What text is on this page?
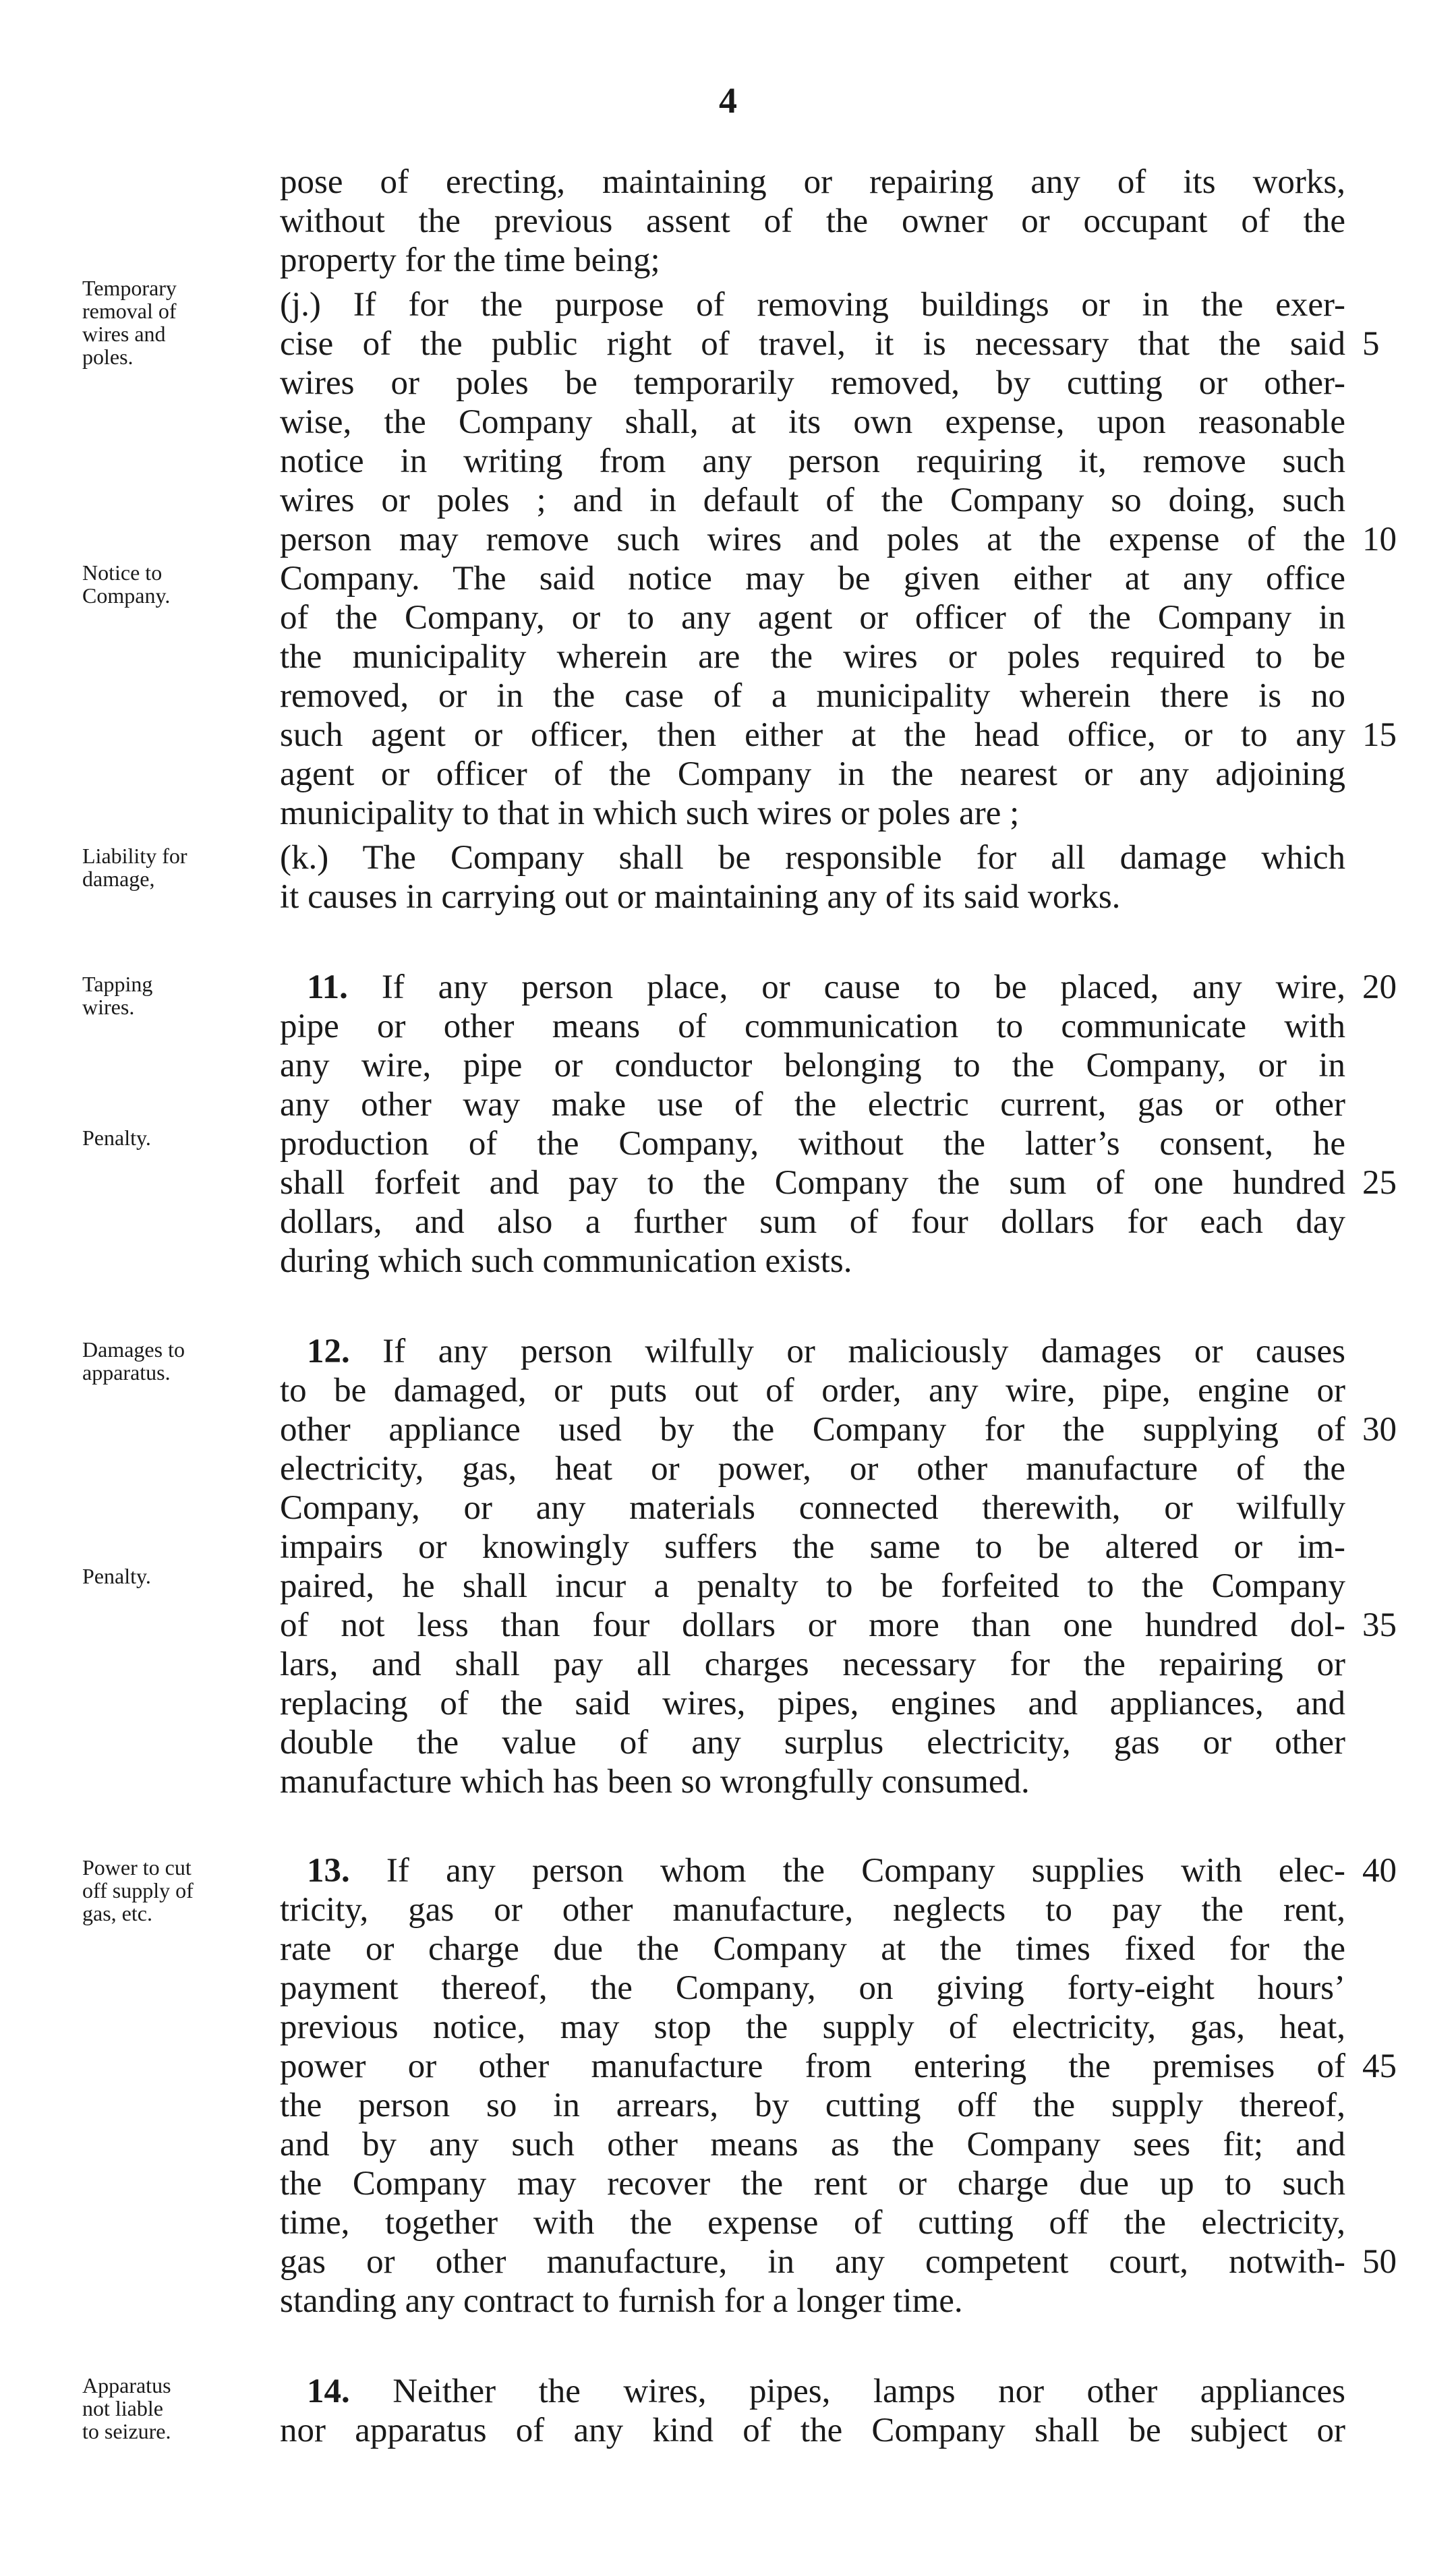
4
pose of erecting, maintaining or repairing any of its works,
without the previous assent of the owner or occupant of the
property for the time being;
(j.) If for the purpose of removing buildings or in the exer-
cise of the public right of travel, it is necessary that the said 5
wires or poles be temporarily removed, by cutting or other-
wise, the Company shall, at its own expense, upon reasonable
notice in writing from any person requiring it, remove such
wires or poles ; and in default of the Company so doing, such
person may remove such wires and poles at the expense of the 10
Company. The said notice may be given either at any office
of the Company, or to any agent or officer of the Company in
the municipality wherein are the wires or poles required to be
removed, or in the case of a municipality wherein there is no
such agent or officer, then either at the head office, or to any 15
agent or officer of the Company in the nearest or any adjoining
municipality to that in which such wires or poles are ;
(k.) The Company shall be responsible for all damage which
it causes in carrying out or maintaining any of its said works.
11. If any person place, or cause to be placed, any wire, 20
pipe or other means of communication to communicate with
any wire, pipe or conductor belonging to the Company, or in
any other way make use of the electric current, gas or other
production of the Company, without the latter’s consent, he
shall forfeit and pay to the Company the sum of one hundred 25
dollars, and also a further sum of four dollars for each day
during which such communication exists.
12. If any person wilfully or maliciously damages or causes
to be damaged, or puts out of order, any wire, pipe, engine or
other appliance used by the Company for the supplying of 30
electricity, gas, heat or power, or other manufacture of the
Company, or any materials connected therewith, or wilfully
impairs or knowingly suffers the same to be altered or im-
paired, he shall incur a penalty to be forfeited to the Company
of not less than four dollars or more than one hundred dol- 35
lars, and shall pay all charges necessary for the repairing or
replacing of the said wires, pipes, engines and appliances, and
double the value of any surplus electricity, gas or other
manufacture which has been so wrongfully consumed.
13. If any person whom the Company supplies with elec- 40
tricity, gas or other manufacture, neglects to pay the rent,
rate or charge due the Company at the times fixed for the
payment thereof, the Company, on giving forty-eight hours’
previous notice, may stop the supply of electricity, gas, heat,
power or other manufacture from entering the premises of 45
the person so in arrears, by cutting off the supply thereof,
and by any such other means as the Company sees fit; and
the Company may recover the rent or charge due up to such
time, together with the expense of cutting off the electricity,
gas or other manufacture, in any competent court, notwith- 50
standing any contract to furnish for a longer time.
14. Neither the wires, pipes, lamps nor other appliances
nor apparatus of any kind of the Company shall be subject or
Temporary
removal of
wires and
poles.
Notice to
Company.
Liability for
damage,
Tapping
wires.
Penalty.
Damages to
apparatus.
Penalty.
Power to cut
off supply of
gas, etc.
Apparatus
not liable
to seizure.
